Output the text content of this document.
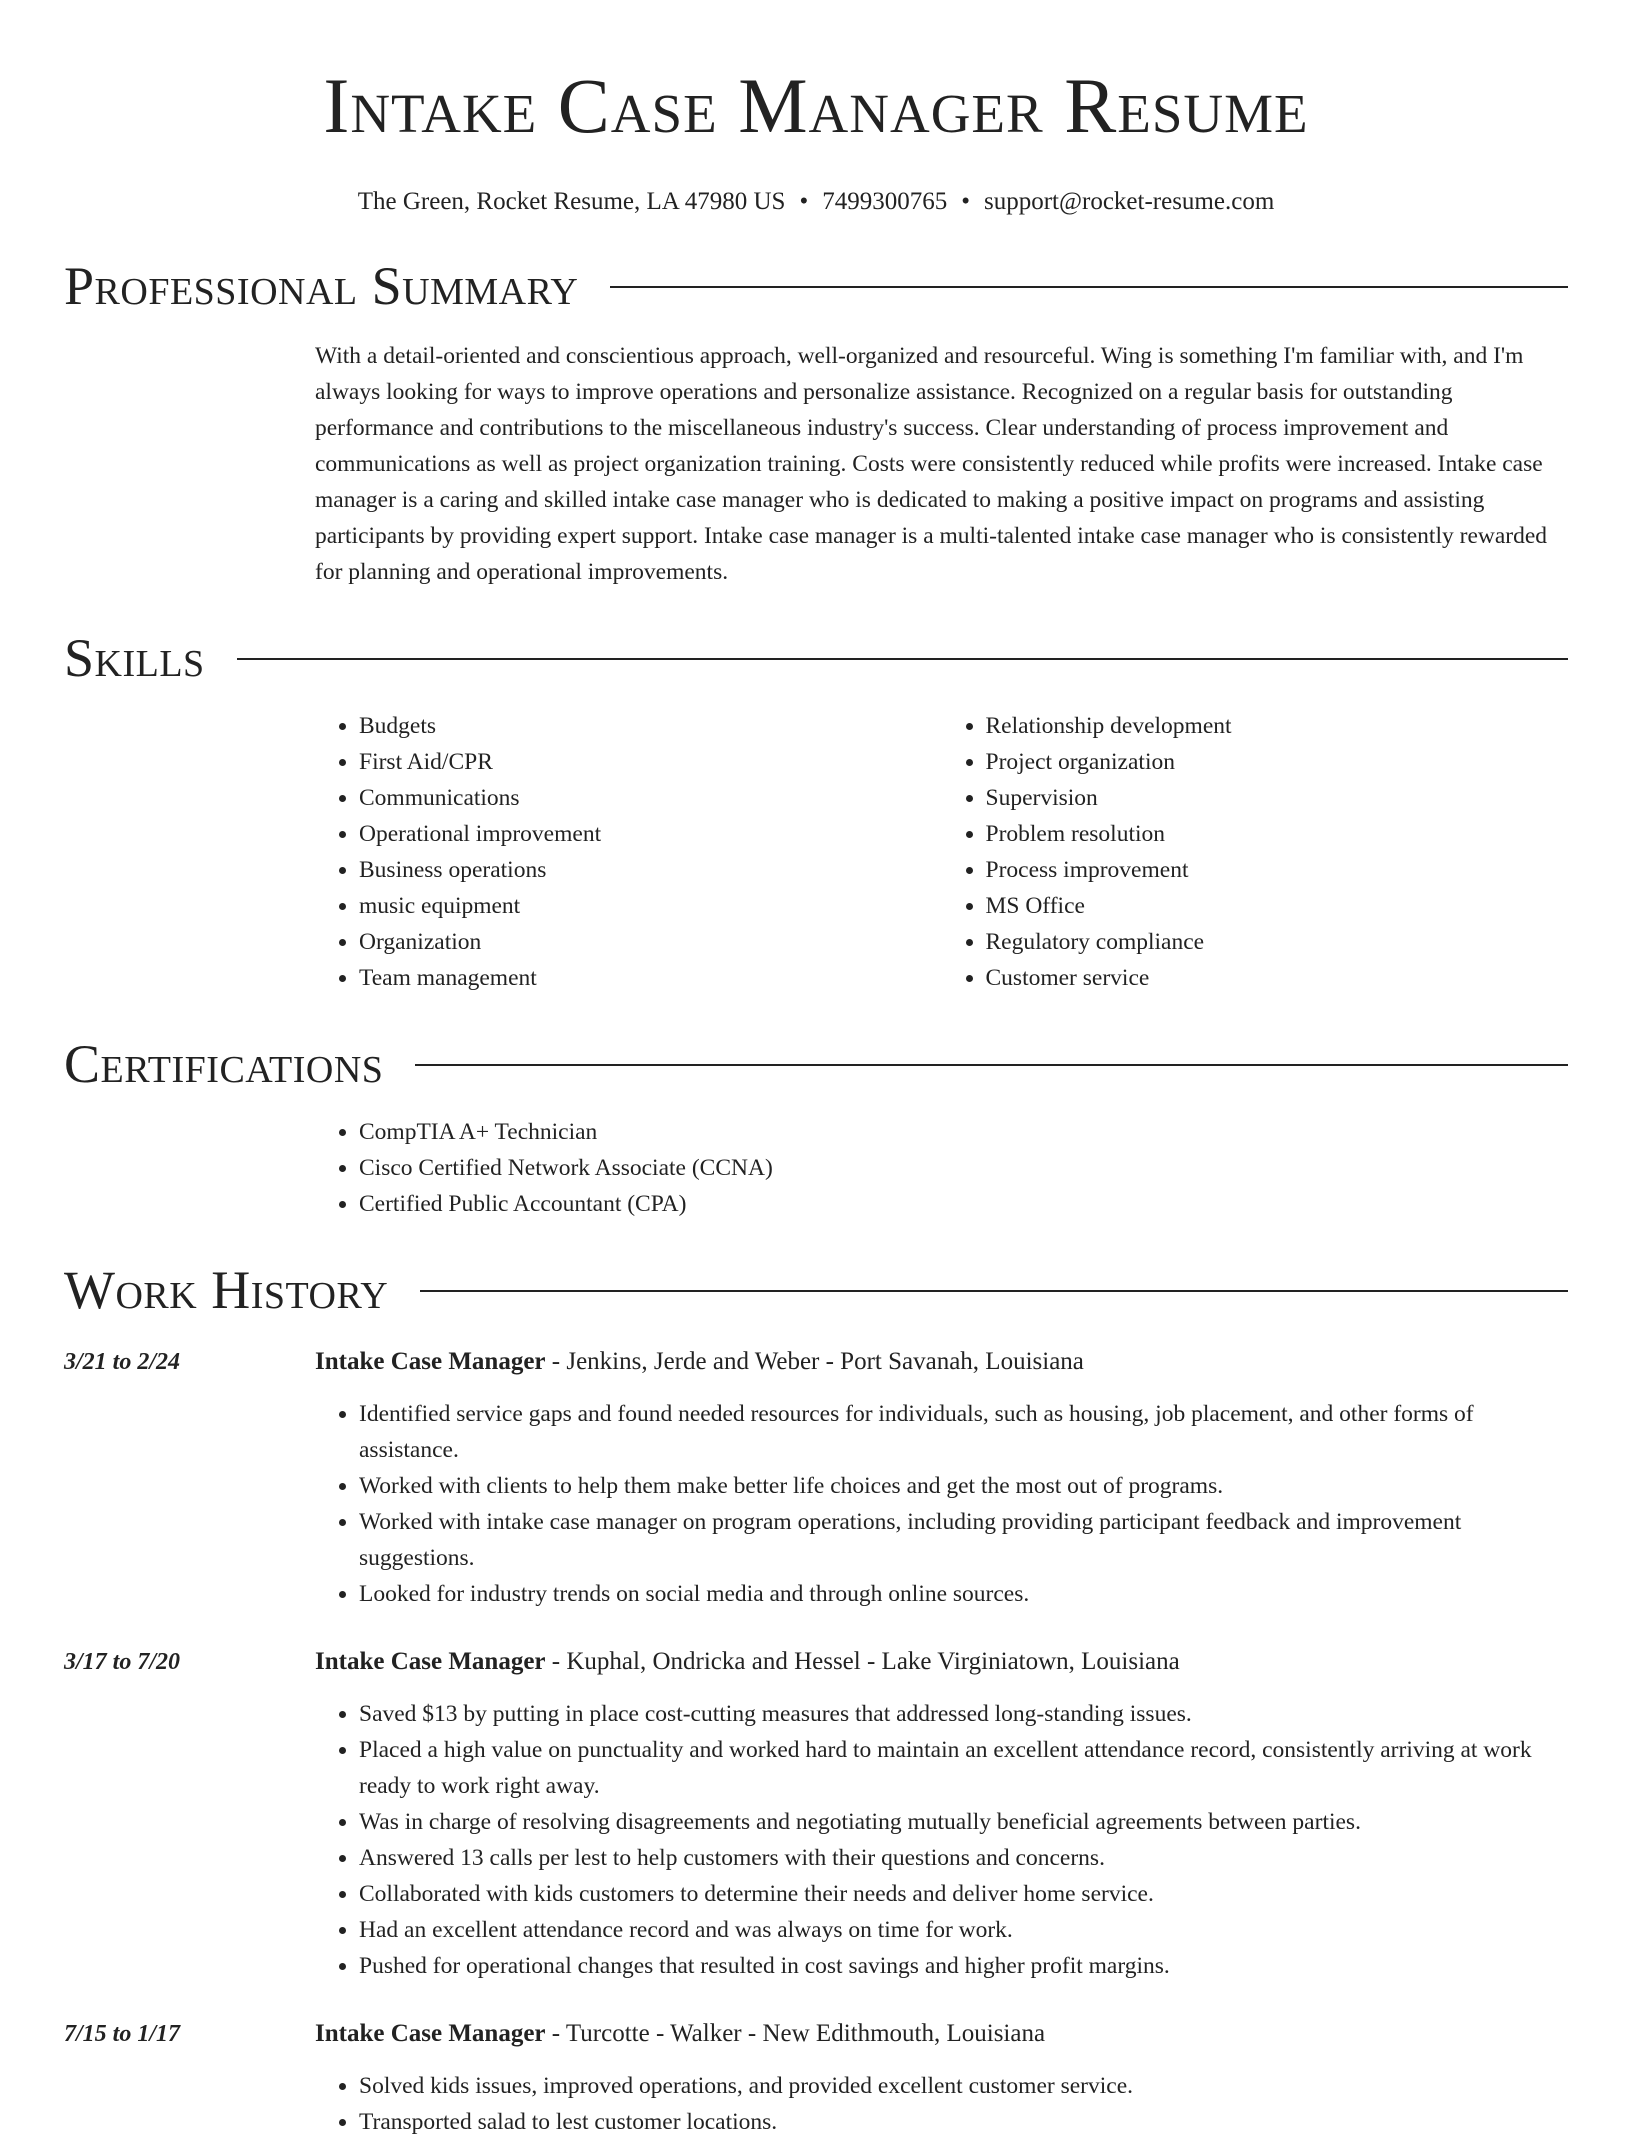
Intake Case Manager Resume
The Green, Rocket Resume, LA 47980 US • 7499300765 • support@rocket-resume.com
Professional Summary
With a detail-oriented and conscientious approach, well-organized and resourceful. Wing is something I'm familiar with, and I'm always looking for ways to improve operations and personalize assistance. Recognized on a regular basis for outstanding performance and contributions to the miscellaneous industry's success. Clear understanding of process improvement and communications as well as project organization training. Costs were consistently reduced while profits were increased. Intake case manager is a caring and skilled intake case manager who is dedicated to making a positive impact on programs and assisting participants by providing expert support. Intake case manager is a multi-talented intake case manager who is consistently rewarded for planning and operational improvements.
Skills
• Budgets
• First Aid/CPR
• Communications
• Operational improvement
• Business operations
• music equipment
• Organization
• Team management
• Relationship development
• Project organization
• Supervision
• Problem resolution
• Process improvement
• MS Office
• Regulatory compliance
• Customer service
Certifications
• CompTIA A+ Technician
• Cisco Certified Network Associate (CCNA)
• Certified Public Accountant (CPA)
Work History
3/21 to 2/24	Intake Case Manager - Jenkins, Jerde and Weber - Port Savanah, Louisiana
• Identified service gaps and found needed resources for individuals, such as housing, job placement, and other forms of assistance.
• Worked with clients to help them make better life choices and get the most out of programs.
• Worked with intake case manager on program operations, including providing participant feedback and improvement suggestions.
• Looked for industry trends on social media and through online sources.
3/17 to 7/20	Intake Case Manager - Kuphal, Ondricka and Hessel - Lake Virginiatown, Louisiana
• Saved $13 by putting in place cost-cutting measures that addressed long-standing issues.
• Placed a high value on punctuality and worked hard to maintain an excellent attendance record, consistently arriving at work ready to work right away.
• Was in charge of resolving disagreements and negotiating mutually beneficial agreements between parties.
• Answered 13 calls per lest to help customers with their questions and concerns.
• Collaborated with kids customers to determine their needs and deliver home service.
• Had an excellent attendance record and was always on time for work.
• Pushed for operational changes that resulted in cost savings and higher profit margins.
7/15 to 1/17	Intake Case Manager - Turcotte - Walker - New Edithmouth, Louisiana
• Solved kids issues, improved operations, and provided excellent customer service.
• Transported salad to lest customer locations.
